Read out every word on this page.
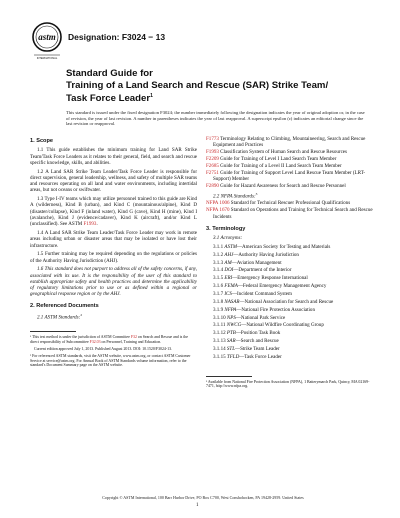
astm
INTERNATIONAL
Designation: F3024 − 13
Standard Guide for
Training of a Land Search and Rescue (SAR) Strike Team/
Task Force Leader$^1$
This standard is issued under the fixed designation F3024; the number immediately following the designation indicates the year of original adoption or, in the case of revision, the year of last revision. A number in parentheses indicates the year of last reapproval. A superscript epsilon (ε) indicates an editorial change since the last revision or reapproval.
1. Scope
1.1 This guide establishes the minimum training for Land SAR Strike Team/Task Force Leaders as it relates to their general, field, and search and rescue specific knowledge, skills, and abilities.
1.2 A Land SAR Strike Team Leader/Task Force Leader is responsible for direct supervision, general leadership, wellness, and safety of multiple SAR teams and resources operating on all land and water environments, including intertidal areas, but not oceans or swiftwater.
1.3 Type I-IV teams which may utilize personnel trained to this guide are Kind A (wilderness), Kind B (urban), and Kind C (mountainous/alpine), Kind D (disaster/collapse), Kind F (inland water), Kind G (cave), Kind H (mine), Kind I (avalanche), Kind J (evidence/cadaver), Kind K (aircraft), and/or Kind L (unclassified). See ASTM F1993.
1.4 A Land SAR Strike Team Leader/Task Force Leader may work in remote areas including urban or disaster areas that may be isolated or have lost their infrastructure.
1.5 Further training may be required depending on the regulations or policies of the Authority Having Jurisdiction (AHJ).
1.6 This standard does not purport to address all of the safety concerns, if any, associated with its use. It is the responsibility of the user of this standard to establish appropriate safety and health practices and determine the applicability of regulatory limitations prior to use or as defined within a regional or geographical response region or by the AHJ.
2. Referenced Documents
2.1 ASTM Standards:$^2$
¹ This test method is under the jurisdiction of ASTM Committee F32 on Search and Rescue and is the direct responsibility of Subcommittee F32.03 on Personnel, Training and Education.
Current edition approved July 1, 2013. Published August 2013. DOI: 10.1520/F3024-13.
² For referenced ASTM standards, visit the ASTM website, www.astm.org, or contact ASTM Customer Service at service@astm.org. For Annual Book of ASTM Standards volume information, refer to the standard's Document Summary page on the ASTM website.
F1773 Terminology Relating to Climbing, Mountaineering, Search and Rescue Equipment and Practices
F1993 Classification System of Human Search and Rescue Resources
F2209 Guide for Training of Level I Land Search Team Member
F2685 Guide for Training of a Level II Land Search Team Member
F2751 Guide for Training of Support Level Land Rescue Team Member (LRT-Support) Member
F2890 Guide for Hazard Awareness for Search and Rescue Personnel
2.2 NFPA Standards:$^3$
NFPA 1006 Standard for Technical Rescuer Professional Qualifications
NFPA 1670 Standard on Operations and Training for Technical Search and Rescue Incidents
3. Terminology
3.1 Acronyms:
3.1.1 ASTM—American Society for Testing and Materials
3.1.2 AHJ—Authority Having Jurisdiction
3.1.3 AM—Aviation Management
3.1.4 DOI—Department of the Interior
3.1.5 ERI—Emergency Response International
3.1.6 FEMA—Federal Emergency Management Agency
3.1.7 ICS—Incident Command System
3.1.8 NASAR—National Association for Search and Rescue
3.1.9 NFPA—National Fire Protection Association
3.1.10 NPS—National Park Service
3.1.11 NWCG—National Wildfire Coordinating Group
3.1.12 PTB—Position Task Book
3.1.13 SAR—Search and Rescue
3.1.14 STL—Strike Team Leader
3.1.15 TFLD—Task Force Leader
³ Available from National Fire Protection Association (NFPA), 1 Batterymarch Park, Quincy, MA 02169-7471, http://www.nfpa.org.
Copyright © ASTM International, 100 Barr Harbor Drive, PO Box C700, West Conshohocken, PA 19428-2959. United States
1
